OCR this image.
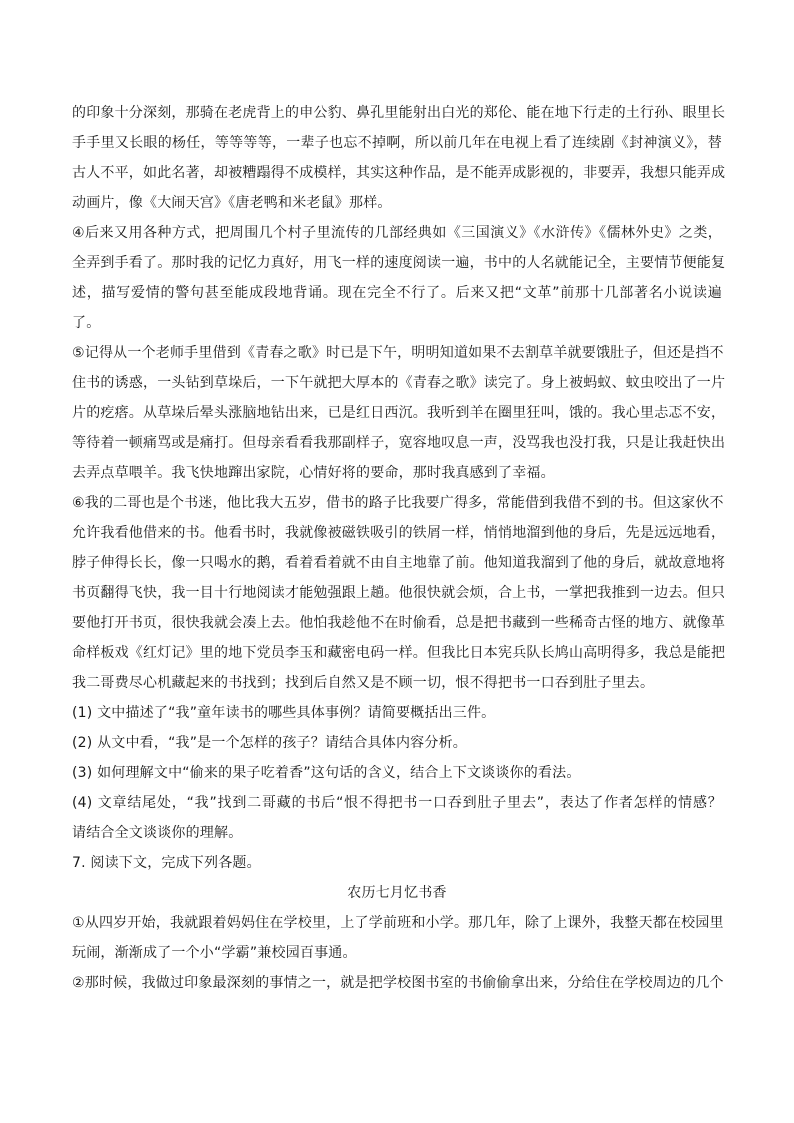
的印象十分深刻，那骑在老虎背上的申公豹、鼻孔里能射出白光的郑伦、能在地下行走的土行孙、眼里长
手手里又长眼的杨任，等等等等，一辈子也忘不掉啊，所以前几年在电视上看了连续剧《封神演义》，替
古人不平，如此名著，却被糟蹋得不成模样，其实这种作品，是不能弄成影视的，非要弄，我想只能弄成
动画片，像《大闹天宫》《唐老鸭和米老鼠》那样。
④后来又用各种方式，把周围几个村子里流传的几部经典如《三国演义》《水浒传》《儒林外史》之类，
全弄到手看了。那时我的记忆力真好，用飞一样的速度阅读一遍，书中的人名就能记全，主要情节便能复
述，描写爱情的警句甚至能成段地背诵。现在完全不行了。后来又把“文革”前那十几部著名小说读遍
了。
⑤记得从一个老师手里借到《青春之歌》时已是下午，明明知道如果不去割草羊就要饿肚子，但还是挡不
住书的诱惑，一头钻到草垛后，一下午就把大厚本的《青春之歌》读完了。身上被蚂蚁、蚊虫咬出了一片
片的疙瘩。从草垛后晕头涨脑地钻出来，已是红日西沉。我听到羊在圈里狂叫，饿的。我心里忐忑不安，
等待着一顿痛骂或是痛打。但母亲看看我那副样子，宽容地叹息一声，没骂我也没打我，只是让我赶快出
去弄点草喂羊。我飞快地蹿出家院，心情好将的要命，那时我真感到了幸福。
⑥我的二哥也是个书迷，他比我大五岁，借书的路子比我要广得多，常能借到我借不到的书。但这家伙不
允许我看他借来的书。他看书时，我就像被磁铁吸引的铁屑一样，悄悄地溜到他的身后，先是远远地看，
脖子伸得长长，像一只喝水的鹅，看着看着就不由自主地靠了前。他知道我溜到了他的身后，就故意地将
书页翻得飞快，我一目十行地阅读才能勉强跟上趟。他很快就会烦，合上书，一掌把我推到一边去。但只
要他打开书页，很快我就会凑上去。他怕我趁他不在时偷看，总是把书藏到一些稀奇古怪的地方、就像革
命样板戏《红灯记》里的地下党员李玉和藏密电码一样。但我比日本宪兵队长鸠山高明得多，我总是能把
我二哥费尽心机藏起来的书找到；找到后自然又是不顾一切，恨不得把书一口吞到肚子里去。
(1) 文中描述了“我”童年读书的哪些具体事例？请简要概括出三件。
(2) 从文中看，“我”是一个怎样的孩子？请结合具体内容分析。
(3) 如何理解文中“偷来的果子吃着香”这句话的含义，结合上下文谈谈你的看法。
(4) 文章结尾处，“我”找到二哥藏的书后“恨不得把书一口吞到肚子里去”，表达了作者怎样的情感？
请结合全文谈谈你的理解。
7. 阅读下文，完成下列各题。
农历七月忆书香
①从四岁开始，我就跟着妈妈住在学校里，上了学前班和小学。那几年，除了上课外，我整天都在校园里
玩闹，渐渐成了一个小“学霸”兼校园百事通。
②那时候，我做过印象最深刻的事情之一，就是把学校图书室的书偷偷拿出来，分给住在学校周边的几个
